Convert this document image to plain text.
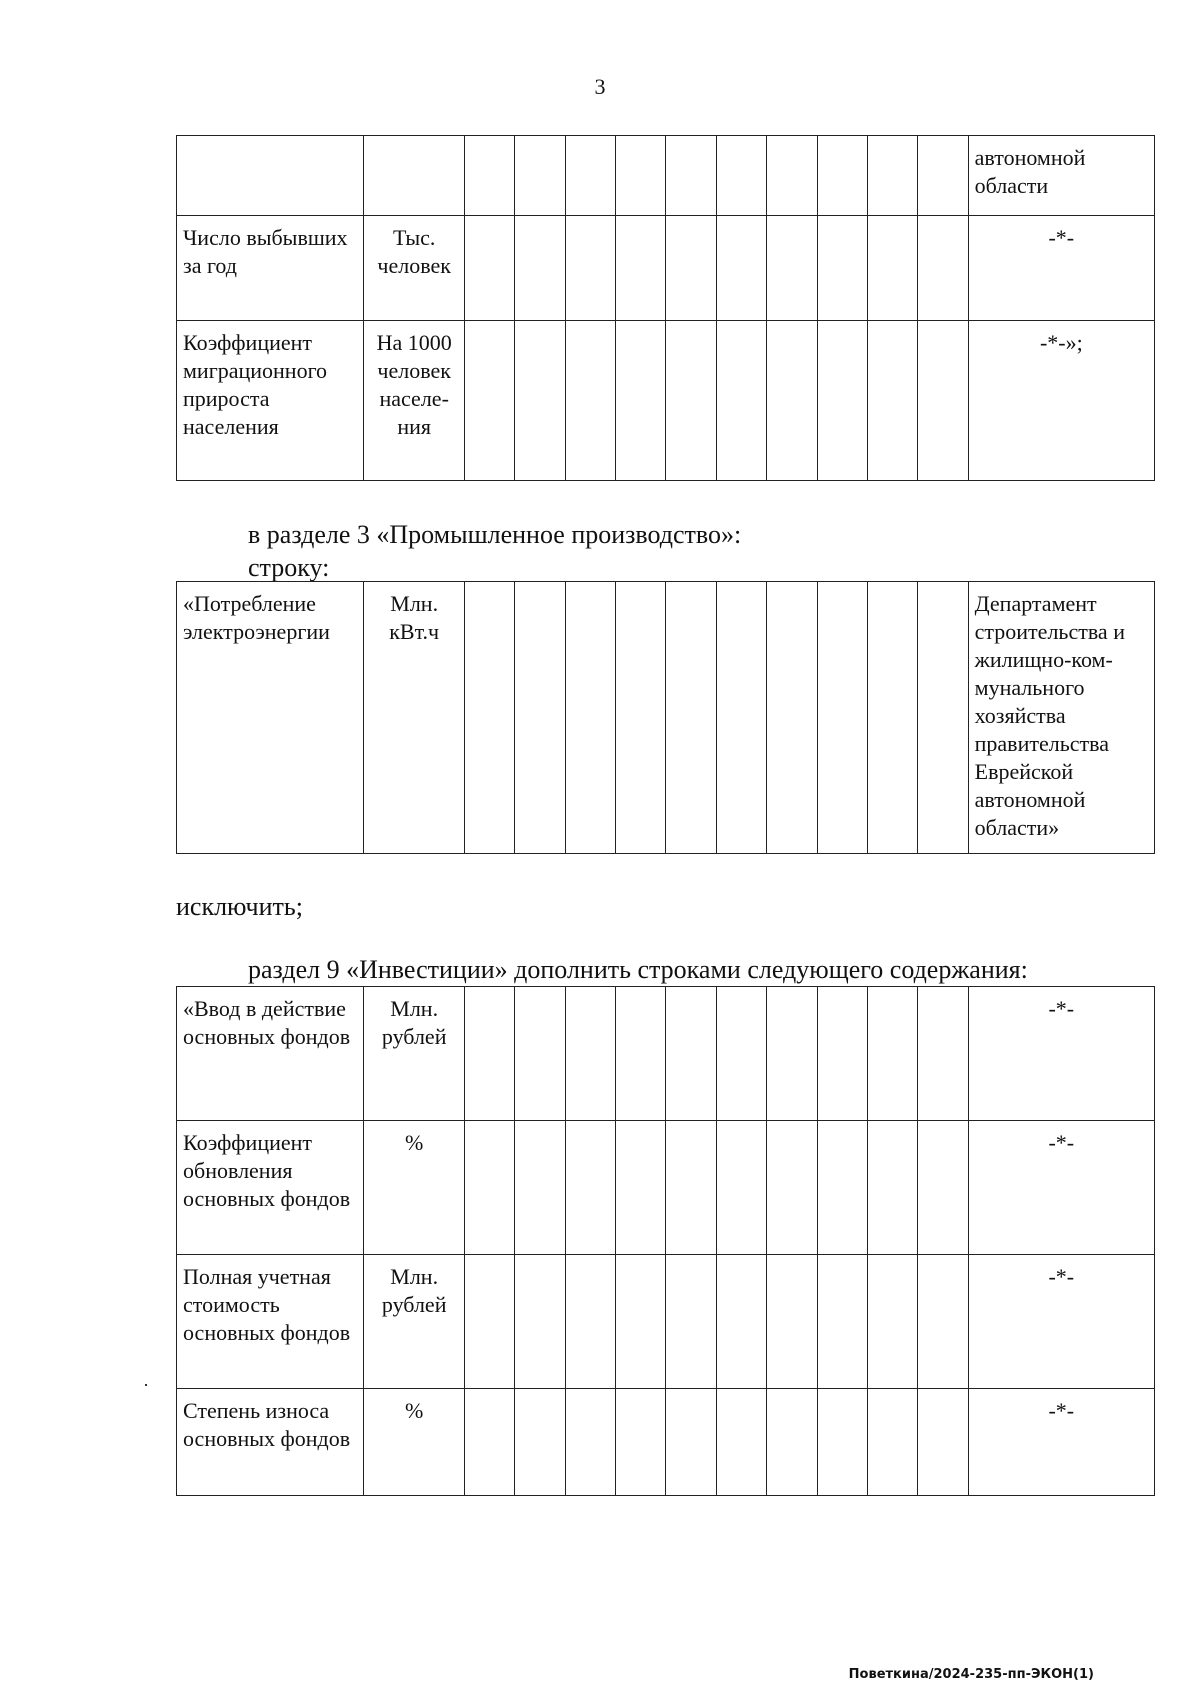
3
												автономной области
Число выбывших за год	Тыс. человек											-*-
Коэффициент миграционного прироста населения	На 1000 человек населе-ния											-*-»;
в разделе 3 «Промышленное производство»:
строку:
«Потребление электроэнергии	Млн. кВт.ч											Департамент строительства и жилищно-ком-мунального хозяйства правительства Еврейской автономной области»
исключить;
раздел 9 «Инвестиции» дополнить строками следующего содержания:
«Ввод в действие основных фондов	Млн. рублей											-*-
Коэффициент обновления основных фондов	%											-*-
Полная учетная стоимость основных фондов	Млн. рублей											-*-
Степень износа основных фондов	%											-*-
Поветкина/2024-235-пп-ЭКОН(1)
